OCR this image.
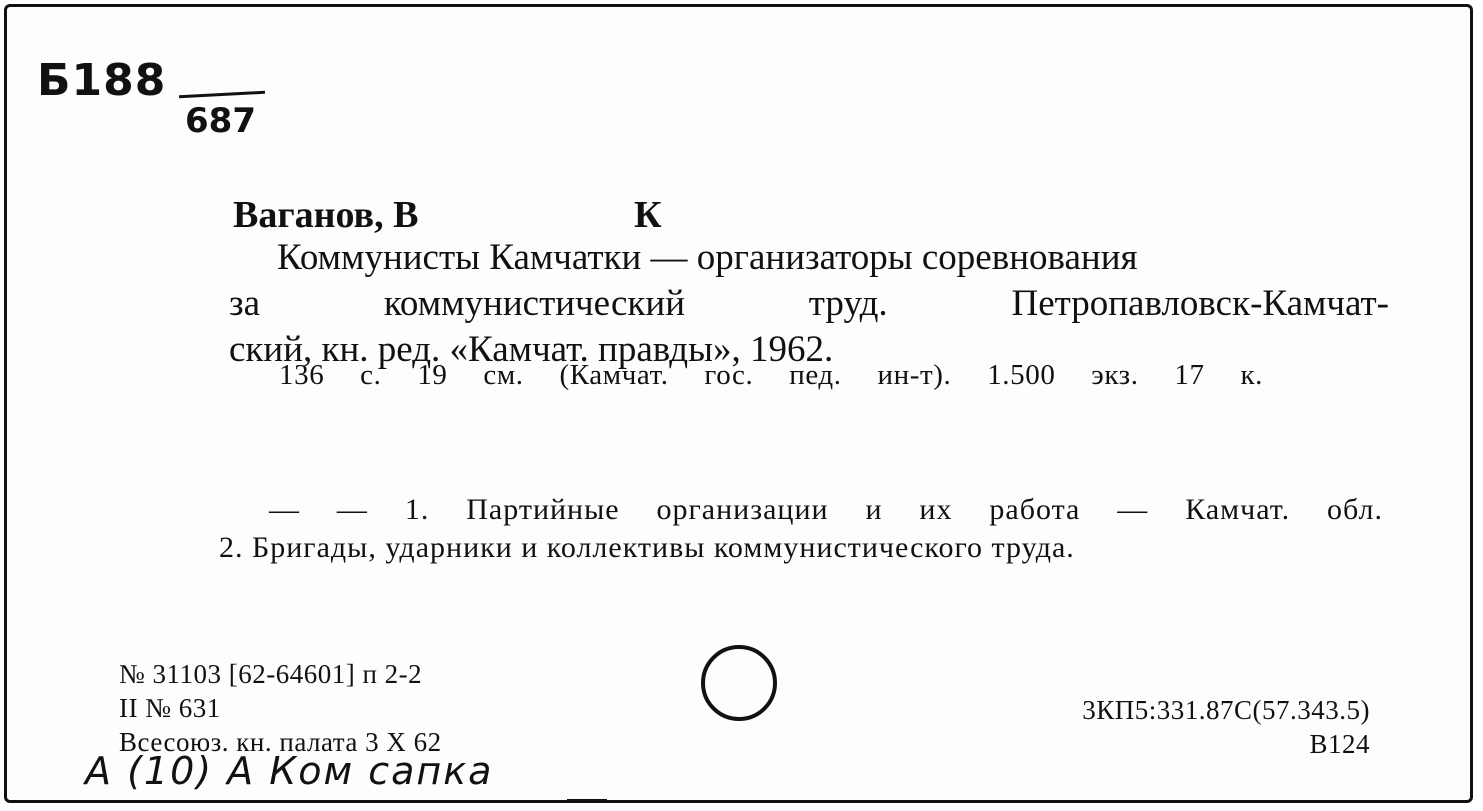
Б188
687
Ваганов, В	К
Коммунисты Камчатки — организаторы соревнования
за коммунистический труд. Петропавловск-Камчат-
ский, кн. ред. «Камчат. правды», 1962.
136 с. 19 см. (Камчат. гос. пед. ин-т). 1.500 экз. 17 к.
— — 1. Партийные организации и их работа — Камчат. обл.
2. Бригады, ударники и коллективы коммунистического труда.
№ 31103 [62-64601] п 2-2
II № 631
Всесоюз. кн. палата 3 X 62
3КП5:331.87С(57.343.5)
В124
А (10) А Ком сапка
